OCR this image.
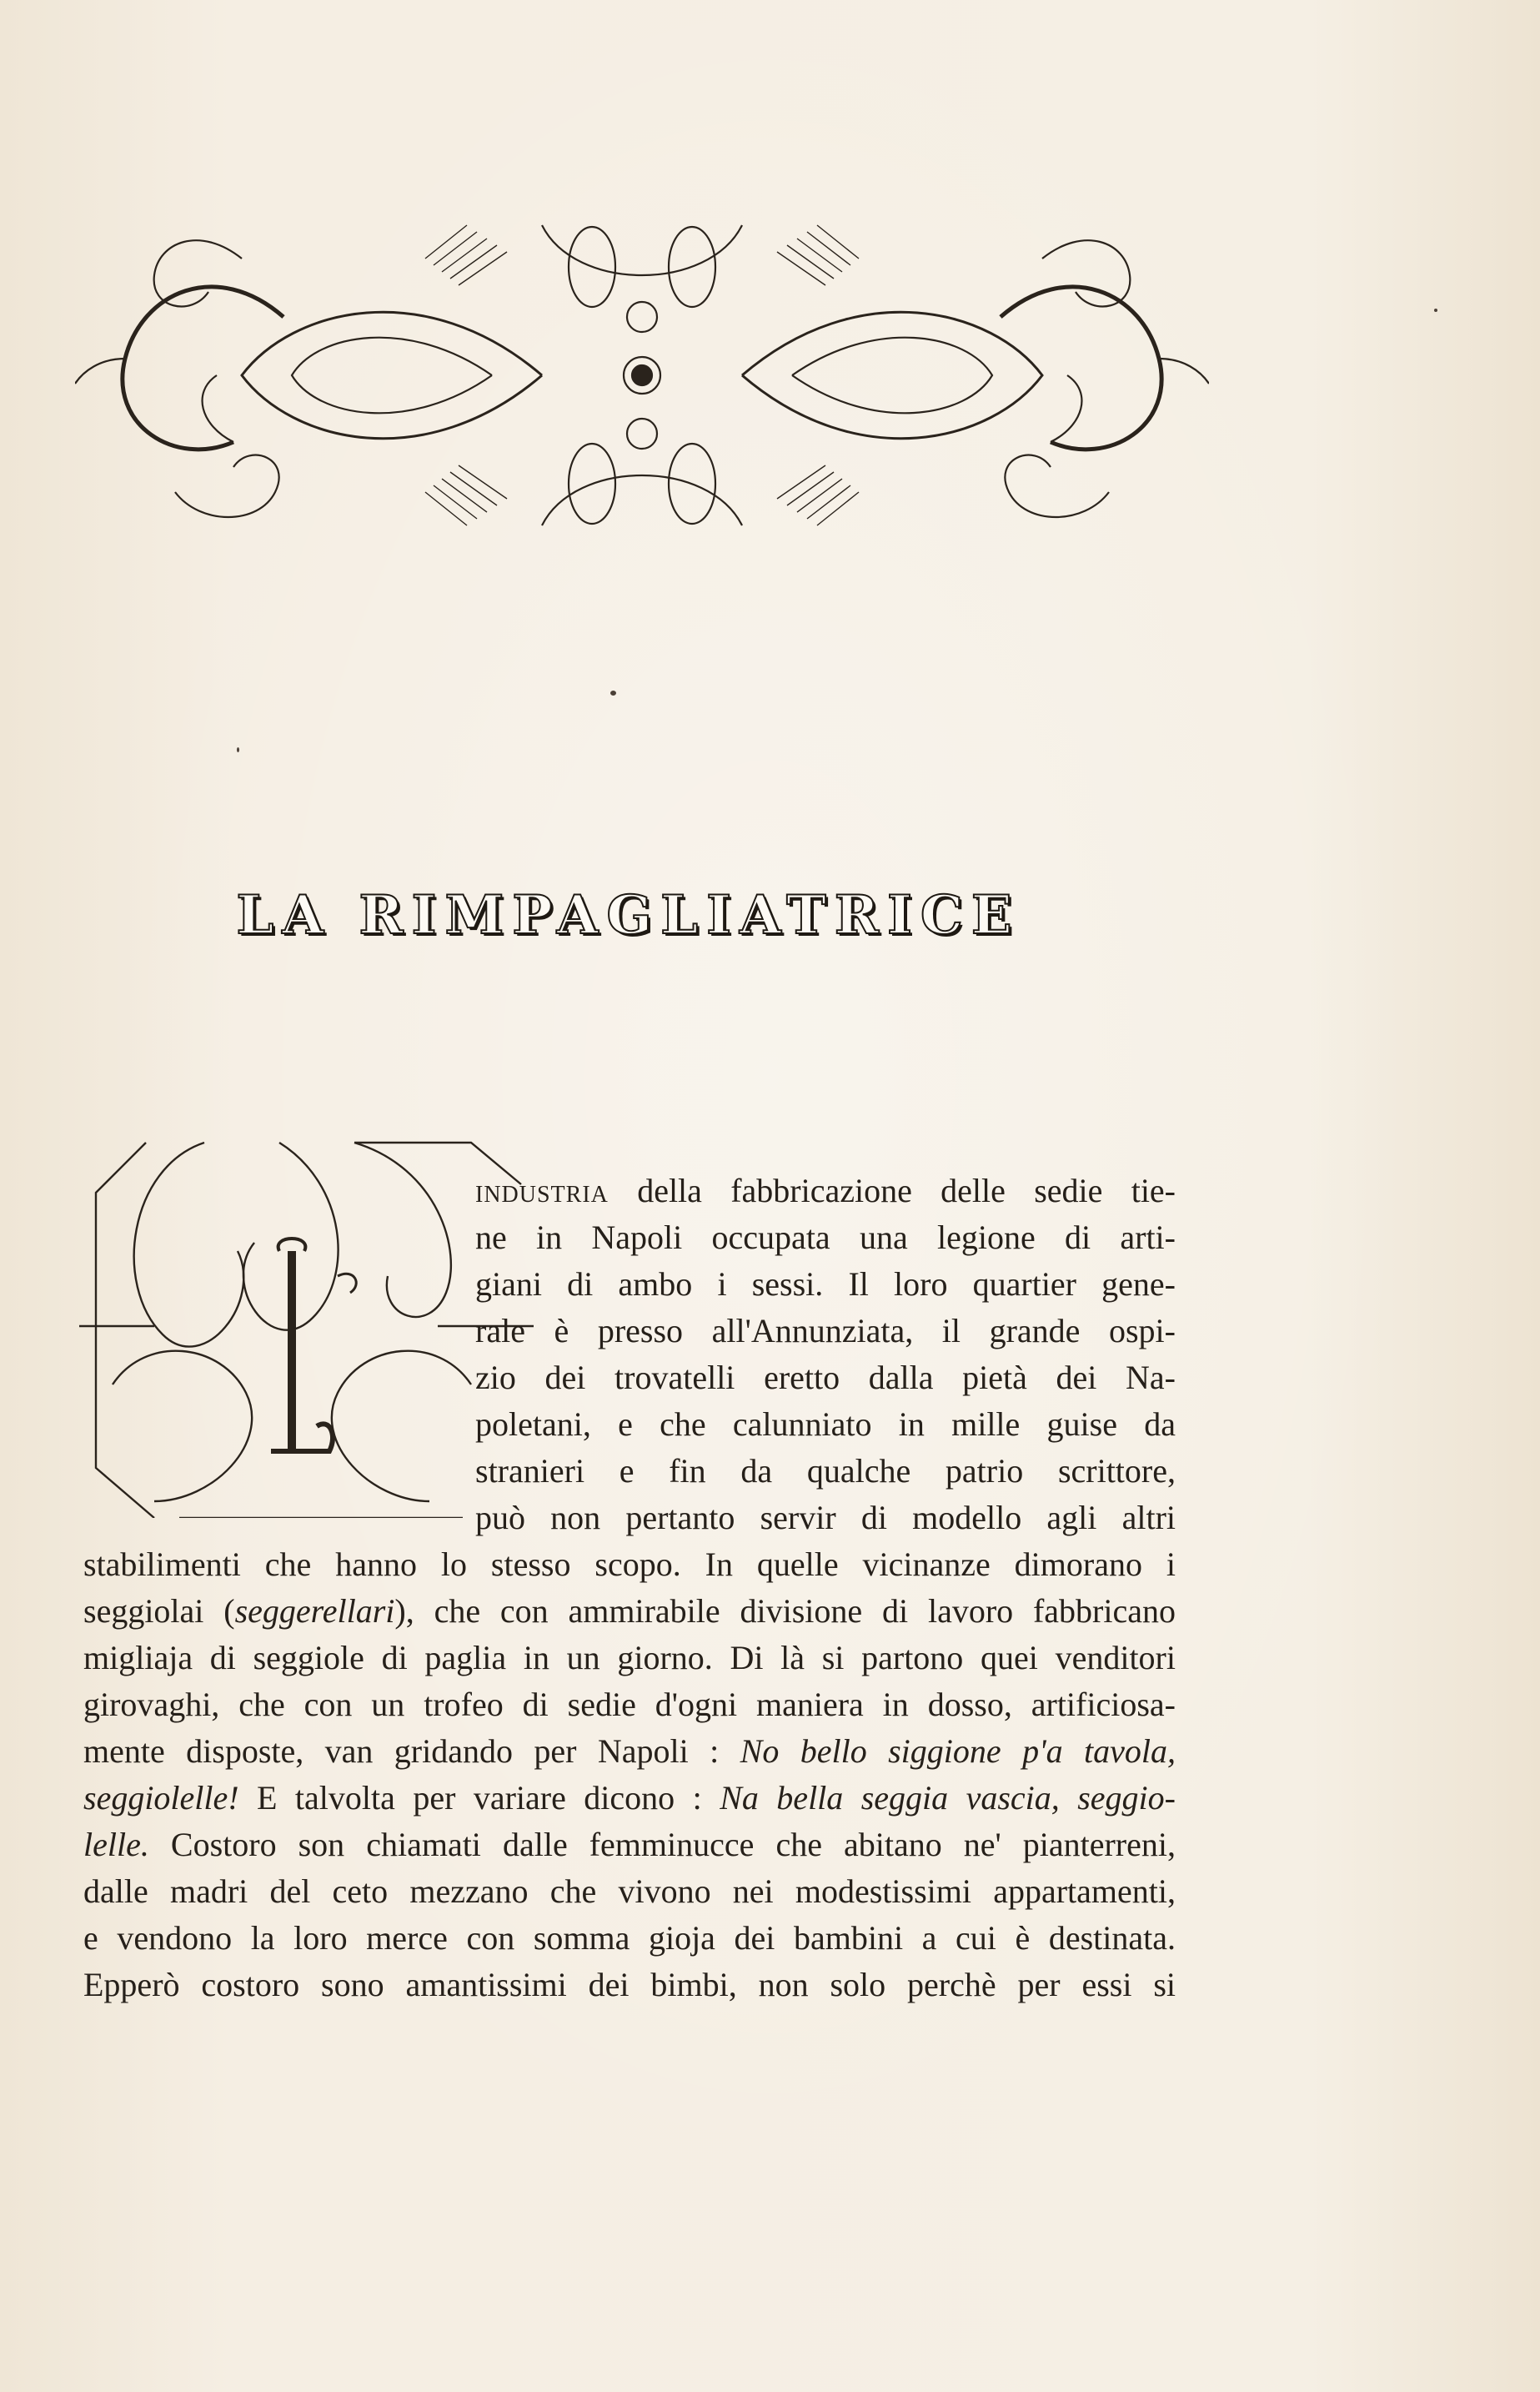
LA RIMPAGLIATRICE
industria della fabbricazione delle sedie tie-
ne in Napoli occupata una legione di arti-
giani di ambo i sessi. Il loro quartier gene-
rale è presso all'Annunziata, il grande ospi-
zio dei trovatelli eretto dalla pietà dei Na-
poletani, e che calunniato in mille guise da
stranieri e fin da qualche patrio scrittore,
può non pertanto servir di modello agli altri
stabilimenti che hanno lo stesso scopo. In quelle vicinanze dimorano i
seggiolai (seggerellari), che con ammirabile divisione di lavoro fabbricano
migliaja di seggiole di paglia in un giorno. Di là si partono quei venditori
girovaghi, che con un trofeo di sedie d'ogni maniera in dosso, artificiosa-
mente disposte, van gridando per Napoli : No bello siggione p'a tavola,
seggiolelle! E talvolta per variare dicono : Na bella seggia vascia, seggio-
lelle. Costoro son chiamati dalle femminucce che abitano ne' pianterreni,
dalle madri del ceto mezzano che vivono nei modestissimi appartamenti,
e vendono la loro merce con somma gioja dei bambini a cui è destinata.
Epperò costoro sono amantissimi dei bimbi, non solo perchè per essi si
